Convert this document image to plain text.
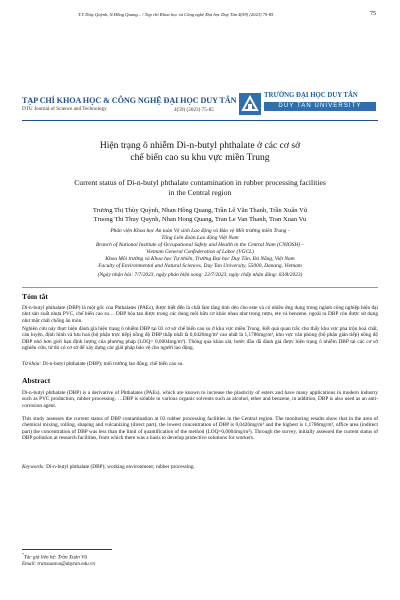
T.T.Thùy Quỳnh, N.Hồng Quang... / Tạp chí Khoa học và Công nghệ Đại học Duy Tân 4(59) (2023) 75-85	75
TẠP CHÍ KHOA HỌC & CÔNG NGHỆ ĐẠI HỌC DUY TÂN
DTU Journal of Science and Technology	4(59) (2023) 75-85
TRƯỜNG ĐẠI HỌC DUY TÂN
DUY TAN UNIVERSITY
Hiện trạng ô nhiễm Di-n-butyl phthalate ở các cơ sở
chế biến cao su khu vực miền Trung
Current status of Di-n-butyl phthalate contamination in rubber processing facilities
in the Central region
Trương Thị Thùy Quỳnh, Nhan Hồng Quang, Trần Lê Văn Thanh, Trần Xuân Vũ
Truong Thi Thuy Quynh, Nhan Hong Quang, Tran Le Van Thanh, Tran Xuan Vu
Phân viện Khoa học An toàn Vệ sinh Lao động và Bảo vệ Môi trường miền Trung -
Tổng Liên đoàn Lao động Việt Nam
Branch of National Institute of Occupational Safety and Health in the Central Nam (CNIOSH) –
Vietnam General Confederation of Labor (VGCL)
Khoa Môi trường và Khoa học Tự nhiên, Trường Đại học Duy Tân, Đà Nẵng, Việt Nam
Faculty of Environmental and Natural Sciences, Duy Tan University, 55000, Danang, Vietnam
(Ngày nhận bài: 7/7/2023, ngày phản biện xong: 22/7/2023, ngày chấp nhận đăng: 03/8/2023)
Tóm tắt
Di-n-butyl phthalate (DBP) là một gốc của Phthalates (PAEs), được biết đến là chất làm tăng tính dẻo cho este và có nhiều ứng dụng trong ngành công nghiệp hiện đại như sản xuất nhựa PVC, chế biến cao su… DBP hòa tan được trong các dung môi hữu cơ khác nhau như trong rượu, ete và benzene, ngoài ra DBP còn được sử dụng như một chất chống ăn mòn.
Nghiên cứu này thực hiện đánh giá hiện trạng ô nhiễm DBP tại 03 cơ sở chế biến cao su ở khu vực miền Trung. Kết quả quan trắc cho thấy khu vực pha trộn hoá chất, cán luyện, định hình và lưu hoá (bộ phận trực tiếp) nồng độ DBP thấp nhất là 0,0426mg/m³ cao nhất là 1,1786mg/m³, khu vực văn phòng (bộ phận gián tiếp) nồng độ DBP nhỏ hơn giới hạn định lượng của phương pháp (LOQ= 0,0004mg/m³). Thông qua khảo sát, bước đầu đã đánh giá được hiện trạng ô nhiễm DBP tại các cơ sở nghiên cứu, từ đó có cơ sở để xây dựng các giải pháp bảo vệ cho người lao động.
Từ khóa: Di-n-butyl phthalate (DBP); môi trường lao động; chế biến cao su.
Abstract
Di-n-butyl phthalate (DBP) is a derivative of Phthalates (PAEs), which are known to increase the plasticity of esters and have many applications in modern industry such as PVC production, rubber processing. …DBP is soluble in various organic solvents such as alcohol, ether and benzene, in addition, DBP is also used as an anti-corrosion agent.
This study assesses the current status of DBP contamination at 03 rubber processing facilities in the Central region. The monitoring results show that in the area of chemical mixing, rolling, shaping and vulcanizing (direct part), the lowest concentration of DBP is 0,0426mg/m³ and the highest is 1,1786mg/m³, office area (indirect part) the concentration of DBP was less than the limit of quantification of the method (LOQ=0,0004mg/m³). Through the survey, initially assessed the current status of DBP pollution at research facilities, from which there was a basis to develop protective solutions for workers.
Keywords: Di-n-butyl phthalate (DBP); working environment; rubber processing.
*Tác giả liên hệ: Trần Xuân Vũ
Email: tranxuanvu@duytan.edu.vn
